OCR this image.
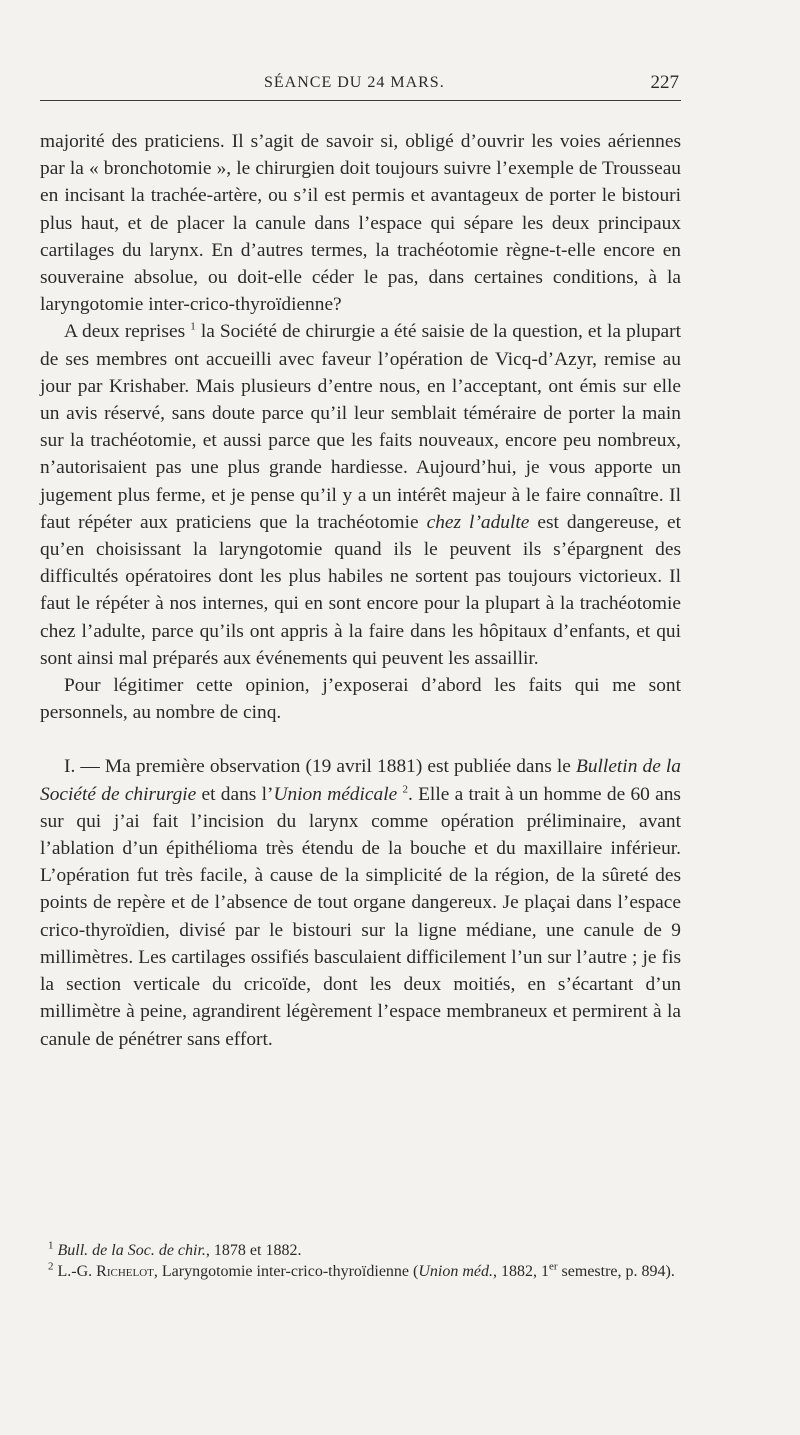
SÉANCE DU 24 MARS.	227

majorité des praticiens. Il s’agit de savoir si, obligé d’ouvrir les voies aériennes par la « bronchotomie », le chirurgien doit toujours suivre l’exemple de Trousseau en incisant la trachée-artère, ou s’il est permis et avantageux de porter le bistouri plus haut, et de placer la canule dans l’espace qui sépare les deux principaux cartilages du larynx. En d’autres termes, la trachéotomie règne-t-elle encore en souveraine absolue, ou doit-elle céder le pas, dans certaines conditions, à la laryngotomie inter-crico-thyroïdienne?

A deux reprises $^1$ la Société de chirurgie a été saisie de la question, et la plupart de ses membres ont accueilli avec faveur l’opération de Vicq-d’Azyr, remise au jour par Krishaber. Mais plusieurs d’entre nous, en l’acceptant, ont émis sur elle un avis réservé, sans doute parce qu’il leur semblait téméraire de porter la main sur la trachéotomie, et aussi parce que les faits nouveaux, encore peu nombreux, n’autorisaient pas une plus grande hardiesse. Aujourd’hui, je vous apporte un jugement plus ferme, et je pense qu’il y a un intérêt majeur à le faire connaître. Il faut répéter aux praticiens que la trachéotomie chez l’adulte est dangereuse, et qu’en choisissant la laryngotomie quand ils le peuvent ils s’épargnent des difficultés opératoires dont les plus habiles ne sortent pas toujours victorieux. Il faut le répéter à nos internes, qui en sont encore pour la plupart à la trachéotomie chez l’adulte, parce qu’ils ont appris à la faire dans les hôpitaux d’enfants, et qui sont ainsi mal préparés aux événements qui peuvent les assaillir.

Pour légitimer cette opinion, j’exposerai d’abord les faits qui me sont personnels, au nombre de cinq.

I. — Ma première observation (19 avril 1881) est publiée dans le Bulletin de la Société de chirurgie et dans l’Union médicale $^2$. Elle a trait à un homme de 60 ans sur qui j’ai fait l’incision du larynx comme opération préliminaire, avant l’ablation d’un épithélioma très étendu de la bouche et du maxillaire inférieur. L’opération fut très facile, à cause de la simplicité de la région, de la sûreté des points de repère et de l’absence de tout organe dangereux. Je plaçai dans l’espace crico-thyroïdien, divisé par le bistouri sur la ligne médiane, une canule de 9 millimètres. Les cartilages ossifiés basculaient difficilement l’un sur l’autre ; je fis la section verticale du cricoïde, dont les deux moitiés, en s’écartant d’un millimètre à peine, agrandirent légèrement l’espace membraneux et permirent à la canule de pénétrer sans effort.

$^1$ Bull. de la Soc. de chir., 1878 et 1882.

$^2$ L.-G. Richelot, Laryngotomie inter-crico-thyroïdienne (Union méd., 1882, 1er semestre, p. 894).
